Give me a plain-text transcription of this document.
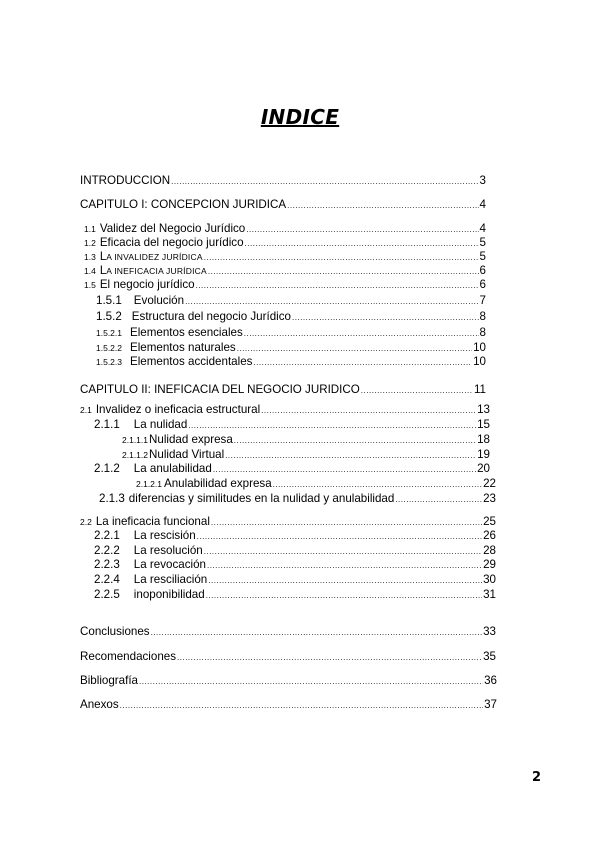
INDICE
INTRODUCCION .....	3
CAPITULO I: CONCEPCION JURIDICA .....	4
1.1 Validez del Negocio Jurídico .....	4
1.2 Eficacia del negocio jurídico .....	5
1.3 L A INVALIDEZ JURÍDICA .....	5
1.4 L A INEFICACIA JURÍDICA .....	6
1.5 El negocio jurídico .....	6
1.5.1 Evolución .....	7
1.5.2 Estructura del negocio Jurídico .....	8
1.5.2.1 Elementos esenciales .....	8
1.5.2.2 Elementos naturales .....	10
1.5.2.3 Elementos accidentales .....	10
CAPITULO II: INEFICACIA DEL NEGOCIO JURIDICO .....	11
2.1 Invalidez o ineficacia estructural .....	13
2.1.1 La nulidad .....	15
2.1.1.1 Nulidad expresa .....	18
2.1.1.2 Nulidad Virtual .....	19
2.1.2 La anulabilidad .....	20
2.1.2.1 Anulabilidad expresa .....	22
2.1.3 diferencias y similitudes en la nulidad y anulabilidad .....	23
2.2 La ineficacia funcional .....	25
2.2.1 La rescisión .....	26
2.2.2 La resolución .....	28
2.2.3 La revocación .....	29
2.2.4 La resciliación .....	30
2.2.5 inoponibilidad .....	31
Conclusiones .....	33
Recomendaciones .....	35
Bibliografía .....	36
Anexos .....	37
2
